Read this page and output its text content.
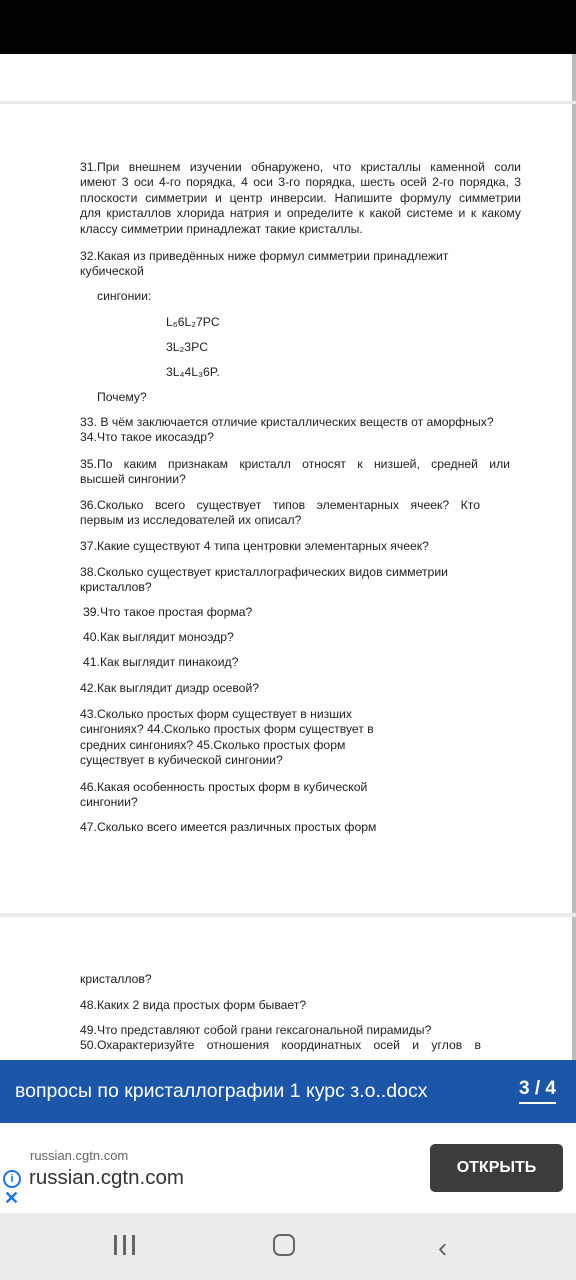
31.При внешнем изучении обнаружено, что кристаллы каменной соли

имеют 3 оси 4-го порядка, 4 оси 3-го порядка, шесть осей 2-го порядка, 3

плоскости симметрии и центр инверсии. Напишите формулу симметрии

для кристаллов хлорида натрия и определите к какой системе и к какому

классу симметрии принадлежат такие кристаллы.

32.Какая из приведённых ниже формул симметрии принадлежит

кубической

сингонии:

L₆6L₂7PC

3L₂3PC

3L₄4L₃6P.

Почему?

33. В чём заключается отличие кристаллических веществ от аморфных?

34.Что такое икосаэдр?

35.По каким признакам кристалл относят к низшей, средней или

высшей сингонии?

36.Сколько всего существует типов элементарных ячеек? Кто

первым из исследователей их описал?

37.Какие существуют 4 типа центровки элементарных ячеек?

38.Сколько существует кристаллографических видов симметрии

кристаллов?

39.Что такое простая форма?

40.Как выглядит моноэдр?

41.Как выглядит пинакоид?

42.Как выглядит диэдр осевой?

43.Сколько простых форм существует в низших

сингониях? 44.Сколько простых форм существует в

средних сингониях? 45.Сколько простых форм

существует в кубической сингонии?

46.Какая особенность простых форм в кубической

сингонии?

47.Сколько всего имеется различных простых форм

кристаллов?

48.Каких 2 вида простых форм бывает?

49.Что представляют собой грани гексагональной пирамиды?

50.Охарактеризуйте отношения координатных осей и углов в

вопросы по кристаллографии 1 курс з.о..docx	3 / 4
russian.cgtn.com
russian.cgtn.com
i
✕
ОТКРЫТЬ
‹
